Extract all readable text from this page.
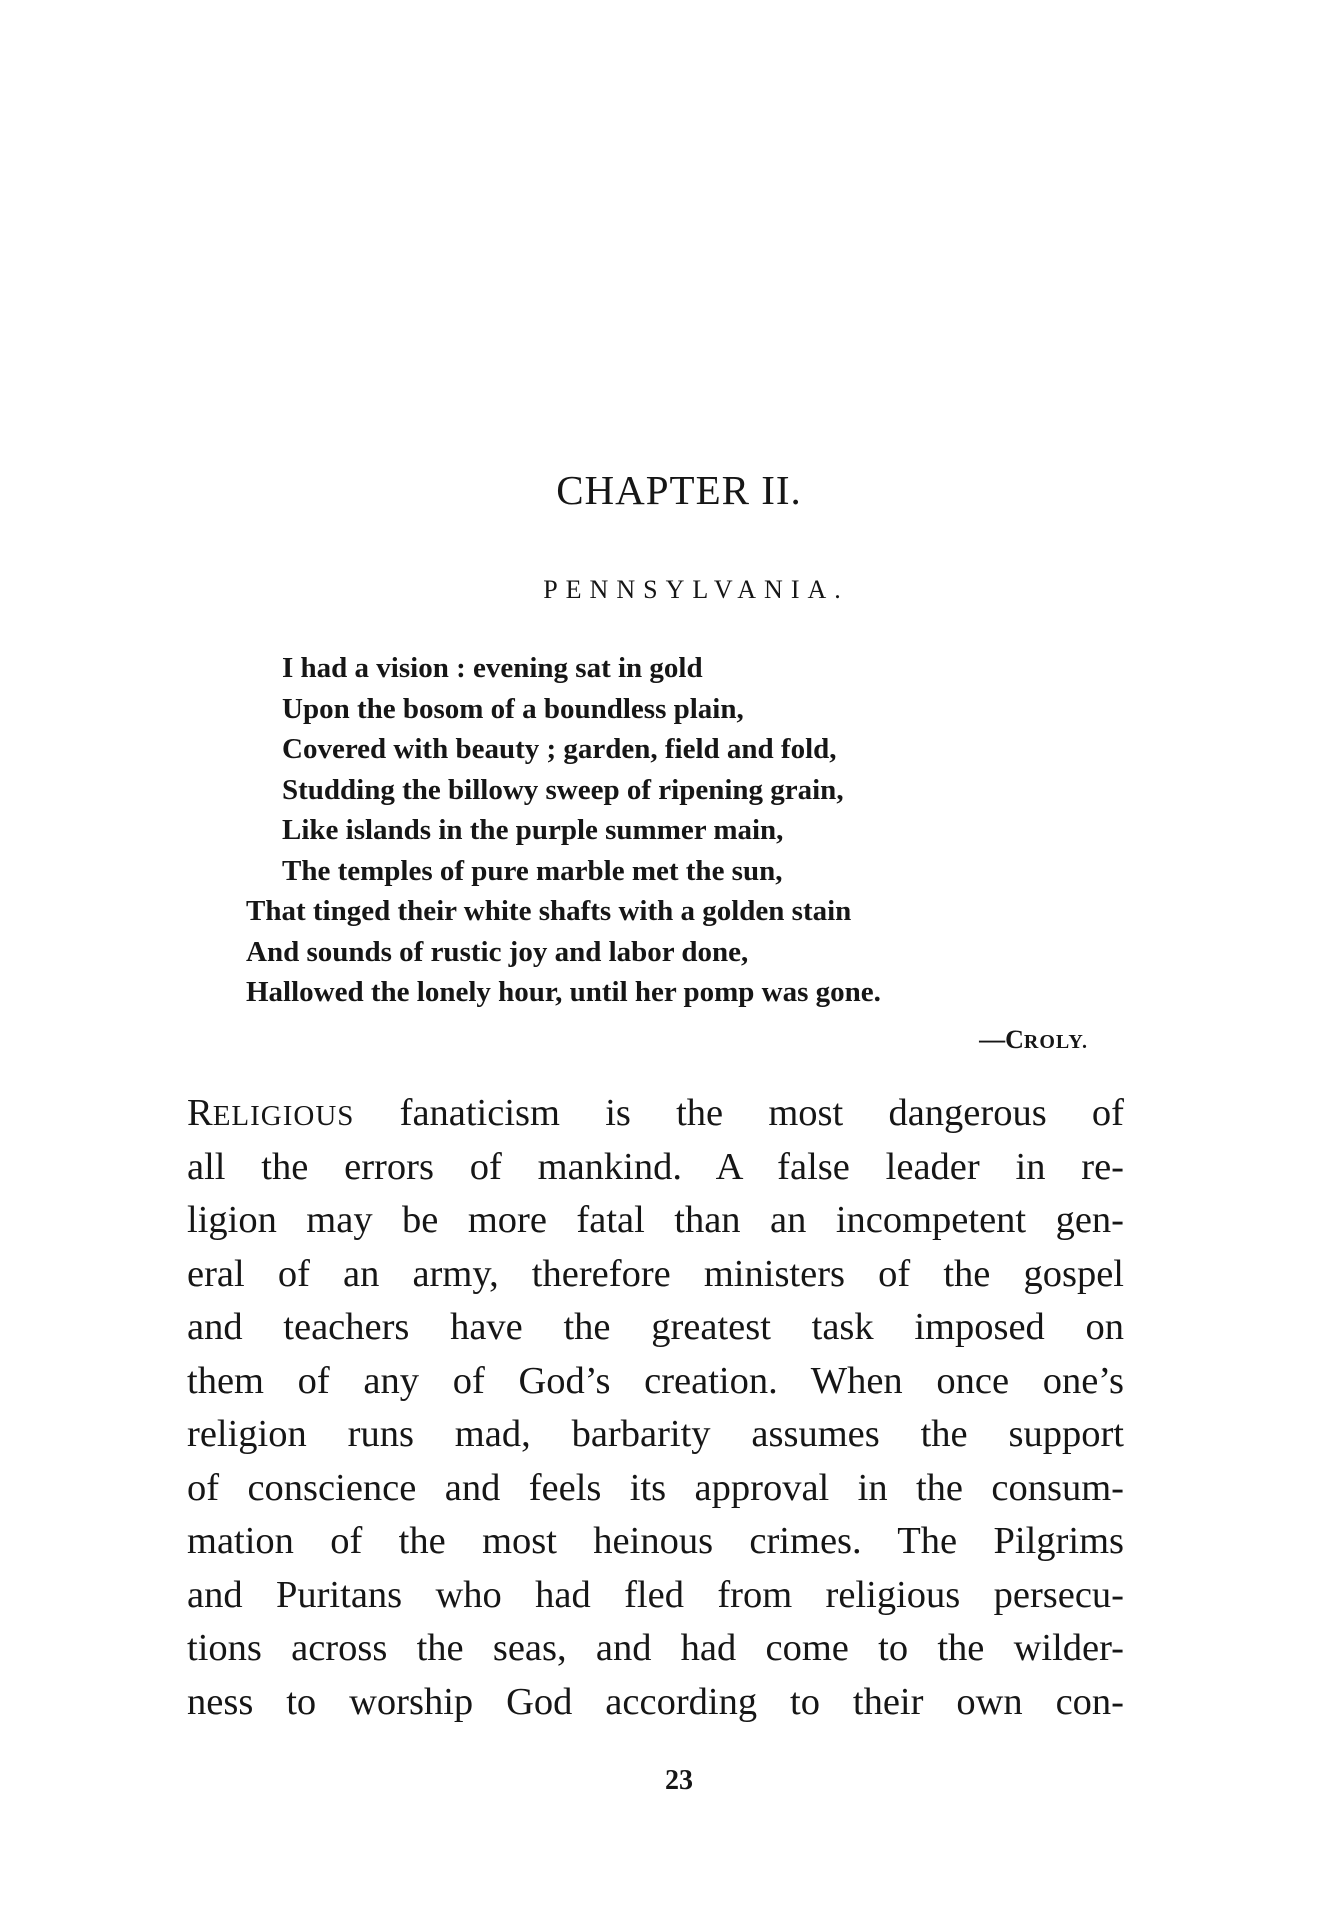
CHAPTER II.
PENNSYLVANIA.
I had a vision : evening sat in gold
Upon the bosom of a boundless plain,
Covered with beauty ; garden, field and fold,
Studding the billowy sweep of ripening grain,
Like islands in the purple summer main,
The temples of pure marble met the sun,
That tinged their white shafts with a golden stain
And sounds of rustic joy and labor done,
Hallowed the lonely hour, until her pomp was gone.
—CROLY.
RELIGIOUS fanaticism is the most dangerous of
all the errors of mankind. A false leader in re-
ligion may be more fatal than an incompetent gen-
eral of an army, therefore ministers of the gospel
and teachers have the greatest task imposed on
them of any of God’s creation. When once one’s
religion runs mad, barbarity assumes the support
of conscience and feels its approval in the consum-
mation of the most heinous crimes. The Pilgrims
and Puritans who had fled from religious persecu-
tions across the seas, and had come to the wilder-
ness to worship God according to their own con-
23
